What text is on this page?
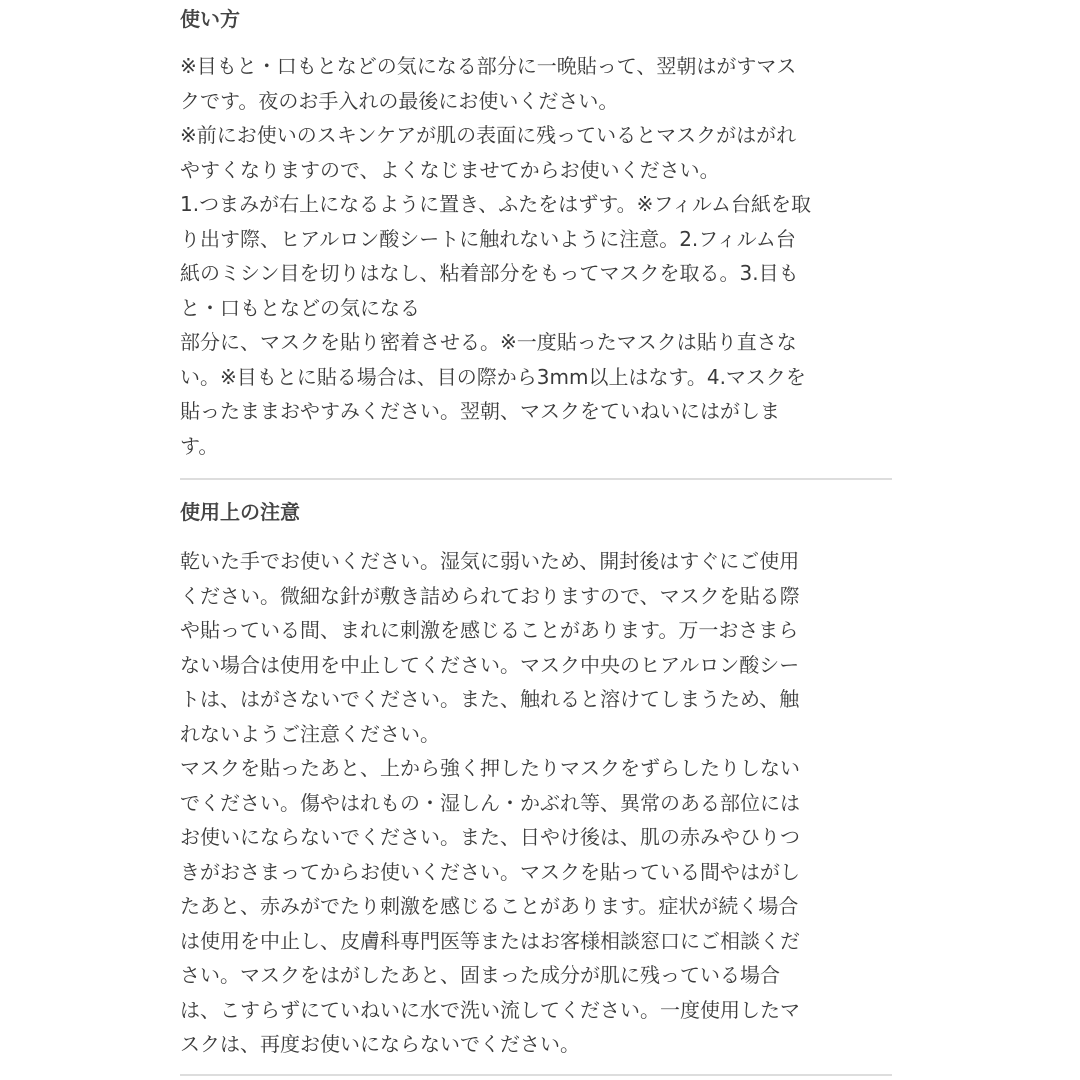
使い方
※目もと・口もとなどの気になる部分に一晩貼って、翌朝はがすマス
クです。夜のお手入れの最後にお使いください。
※前にお使いのスキンケアが肌の表面に残っているとマスクがはがれ
やすくなりますので、よくなじませてからお使いください。
1.つまみが右上になるように置き、ふたをはずす。※フィルム台紙を取
り出す際、ヒアルロン酸シートに触れないように注意。2.フィルム台
紙のミシン目を切りはなし、粘着部分をもってマスクを取る。3.目も
と・口もとなどの気になる
部分に、マスクを貼り密着させる。※一度貼ったマスクは貼り直さな
い。※目もとに貼る場合は、目の際から3mm以上はなす。4.マスクを
貼ったままおやすみください。翌朝、マスクをていねいにはがしま
す。
使用上の注意
乾いた手でお使いください。湿気に弱いため、開封後はすぐにご使用
ください。微細な針が敷き詰められておりますので、マスクを貼る際
や貼っている間、まれに刺激を感じることがあります。万一おさまら
ない場合は使用を中止してください。マスク中央のヒアルロン酸シー
トは、はがさないでください。また、触れると溶けてしまうため、触
れないようご注意ください。
マスクを貼ったあと、上から強く押したりマスクをずらしたりしない
でください。傷やはれもの・湿しん・かぶれ等、異常のある部位には
お使いにならないでください。また、日やけ後は、肌の赤みやひりつ
きがおさまってからお使いください。マスクを貼っている間やはがし
たあと、赤みがでたり刺激を感じることがあります。症状が続く場合
は使用を中止し、皮膚科専門医等またはお客様相談窓口にご相談くだ
さい。マスクをはがしたあと、固まった成分が肌に残っている場合
は、こすらずにていねいに水で洗い流してください。一度使用したマ
スクは、再度お使いにならないでください。
